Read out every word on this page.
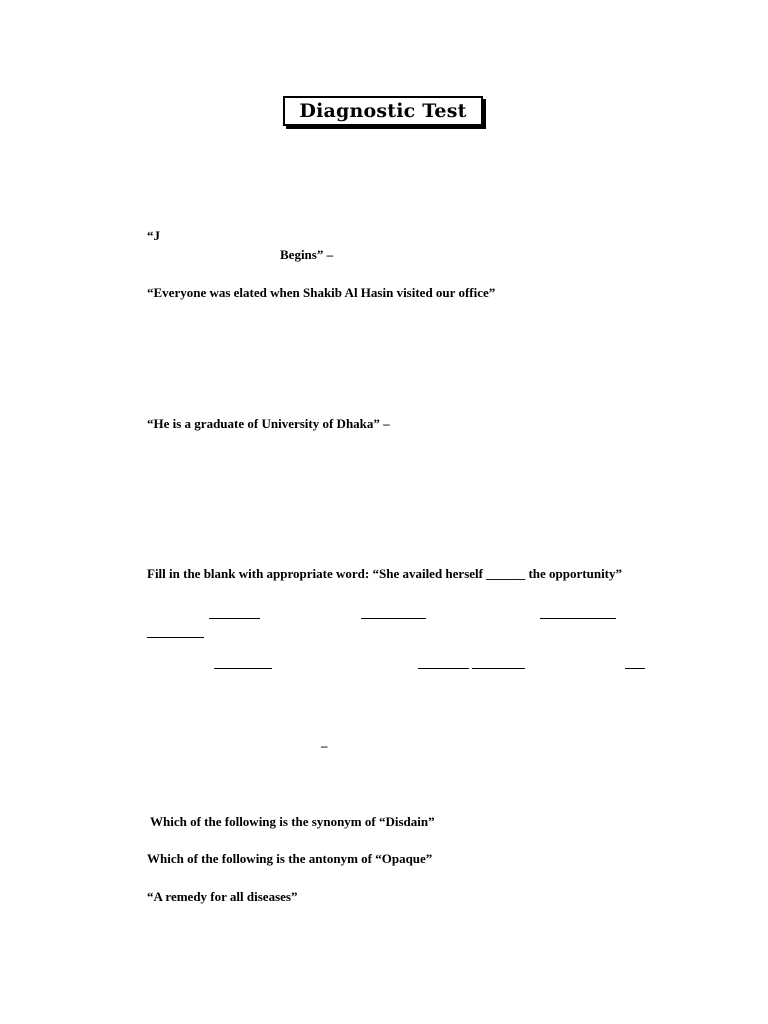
Diagnostic Test
“J
Begins” –
“Everyone was elated when Shakib Al Hasin visited our office”
“He is a graduate of University of Dhaka” –
Fill in the blank with appropriate word: “She availed herself ______ the opportunity”
–
Which of the following is the synonym of “Disdain”
Which of the following is the antonym of “Opaque”
“A remedy for all diseases”
